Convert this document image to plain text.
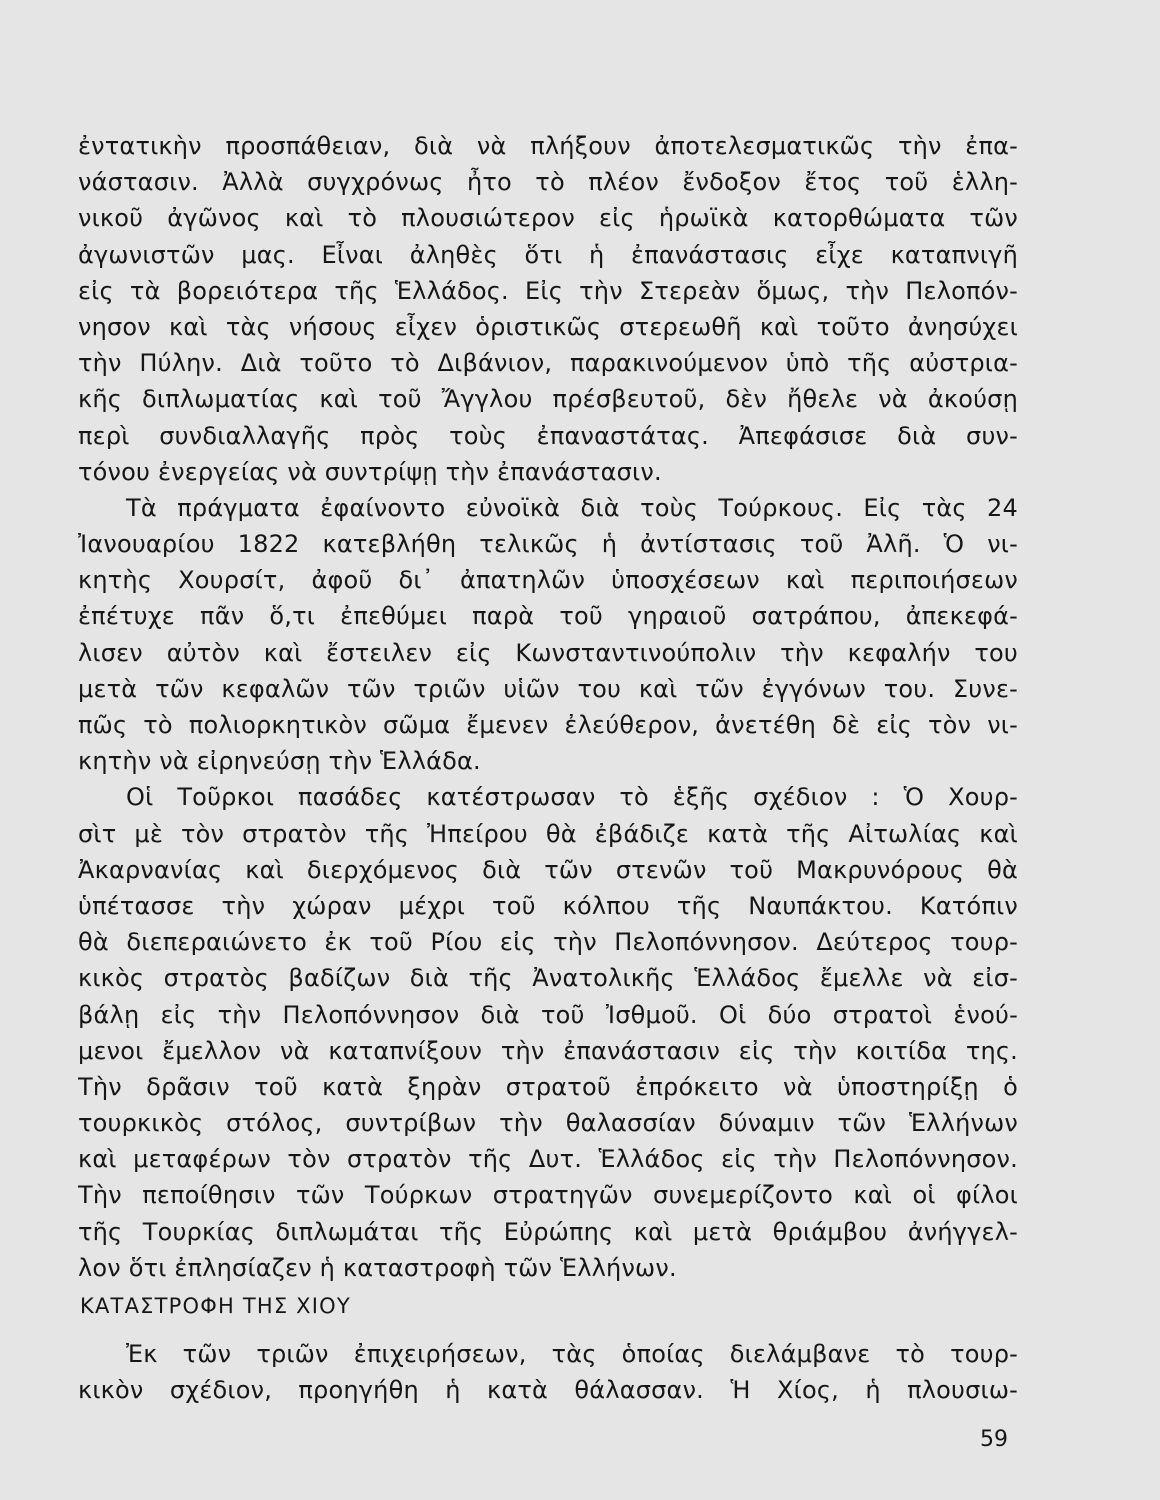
ἐντατικὴν προσπάθειαν, διὰ νὰ πλήξουν ἀποτελεσματικῶς τὴν ἐπα-
νάστασιν. Ἀλλὰ συγχρόνως ἦτο τὸ πλέον ἔνδοξον ἔτος τοῦ ἑλλη-
νικοῦ ἀγῶνος καὶ τὸ πλουσιώτερον εἰς ἡρωϊκὰ κατορθώματα τῶν
ἀγωνιστῶν μας. Εἶναι ἀληθὲς ὅτι ἡ ἐπανάστασις εἶχε καταπνιγῆ
εἰς τὰ βορειότερα τῆς Ἑλλάδος. Εἰς τὴν Στερεὰν ὅμως, τὴν Πελοπόν-
νησον καὶ τὰς νήσους εἶχεν ὁριστικῶς στερεωθῆ καὶ τοῦτο ἀνησύχει
τὴν Πύλην. Διὰ τοῦτο τὸ Διβάνιον, παρακινούμενον ὑπὸ τῆς αὐστρια-
κῆς διπλωματίας καὶ τοῦ Ἄγγλου πρέσβευτοῦ, δὲν ἤθελε νὰ ἀκούσῃ
περὶ συνδιαλλαγῆς πρὸς τοὺς ἐπαναστάτας. Ἀπεφάσισε διὰ συν-
τόνου ἐνεργείας νὰ συντρίψῃ τὴν ἐπανάστασιν.
Τὰ πράγματα ἐφαίνοντο εὐνοϊκὰ διὰ τοὺς Τούρκους. Εἰς τὰς 24
Ἰανουαρίου 1822 κατεβλήθη τελικῶς ἡ ἀντίστασις τοῦ Ἀλῆ. Ὁ νι-
κητὴς Χουρσίτ, ἀφοῦ δι᾽ ἀπατηλῶν ὑποσχέσεων καὶ περιποιήσεων
ἐπέτυχε πᾶν ὅ,τι ἐπεθύμει παρὰ τοῦ γηραιοῦ σατράπου, ἀπεκεφά-
λισεν αὐτὸν καὶ ἔστειλεν εἰς Κωνσταντινούπολιν τὴν κεφαλήν του
μετὰ τῶν κεφαλῶν τῶν τριῶν υἱῶν του καὶ τῶν ἐγγόνων του. Συνε-
πῶς τὸ πολιορκητικὸν σῶμα ἔμενεν ἐλεύθερον, ἀνετέθη δὲ εἰς τὸν νι-
κητὴν νὰ εἰρηνεύσῃ τὴν Ἑλλάδα.
Οἱ Τοῦρκοι πασάδες κατέστρωσαν τὸ ἑξῆς σχέδιον : Ὁ Χουρ-
σὶτ μὲ τὸν στρατὸν τῆς Ἠπείρου θὰ ἐβάδιζε κατὰ τῆς Αἰτωλίας καὶ
Ἀκαρνανίας καὶ διερχόμενος διὰ τῶν στενῶν τοῦ Μακρυνόρους θὰ
ὑπέτασσε τὴν χώραν μέχρι τοῦ κόλπου τῆς Ναυπάκτου. Κατόπιν
θὰ διεπεραιώνετο ἐκ τοῦ Ρίου εἰς τὴν Πελοπόννησον. Δεύτερος τουρ-
κικὸς στρατὸς βαδίζων διὰ τῆς Ἀνατολικῆς Ἑλλάδος ἔμελλε νὰ εἰσ-
βάλῃ εἰς τὴν Πελοπόννησον διὰ τοῦ Ἰσθμοῦ. Οἱ δύο στρατοὶ ἑνού-
μενοι ἔμελλον νὰ καταπνίξουν τὴν ἐπανάστασιν εἰς τὴν κοιτίδα της.
Τὴν δρᾶσιν τοῦ κατὰ ξηρὰν στρατοῦ ἐπρόκειτο νὰ ὑποστηρίξῃ ὁ
τουρκικὸς στόλος, συντρίβων τὴν θαλασσίαν δύναμιν τῶν Ἑλλήνων
καὶ μεταφέρων τὸν στρατὸν τῆς Δυτ. Ἑλλάδος εἰς τὴν Πελοπόννησον.
Τὴν πεποίθησιν τῶν Τούρκων στρατηγῶν συνεμερίζοντο καὶ οἱ φίλοι
τῆς Τουρκίας διπλωμάται τῆς Εὐρώπης καὶ μετὰ θριάμβου ἀνήγγελ-
λον ὅτι ἐπλησίαζεν ἡ καταστροφὴ τῶν Ἑλλήνων.
ΚΑΤΑΣΤΡΟΦΗ ΤΗΣ ΧΙΟΥ
Ἐκ τῶν τριῶν ἐπιχειρήσεων, τὰς ὁποίας διελάμβανε τὸ τουρ-
κικὸν σχέδιον, προηγήθη ἡ κατὰ θάλασσαν. Ἡ Χίος, ἡ πλουσιω-
59
